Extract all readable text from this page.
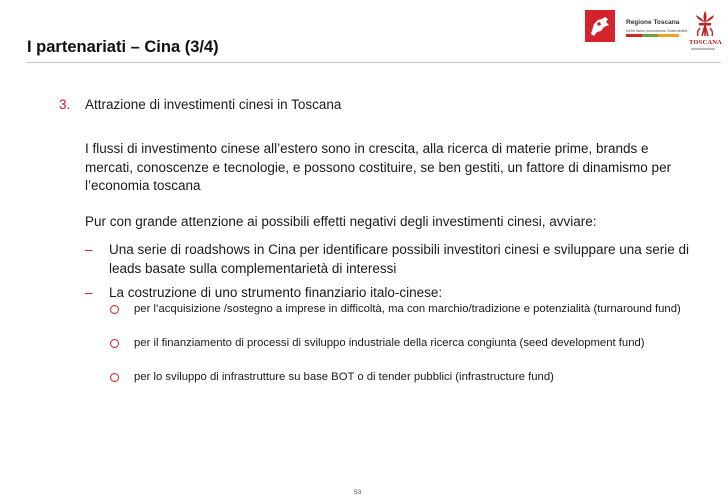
I partenariati – Cina (3/4)
Regione Toscana
Diritti Valori Innovazione Sostenibilità
TOSCANA
3. Attrazione di investimenti cinesi in Toscana
I flussi di investimento cinese all’estero sono in crescita, alla ricerca di materie prime, brands e mercati, conoscenze e tecnologie, e possono costituire, se ben gestiti, un fattore di dinamismo per l’economia toscana
Pur con grande attenzione ai possibili effetti negativi degli investimenti cinesi, avviare:
– Una serie di roadshows in Cina per identificare possibili investitori cinesi e sviluppare una serie di leads basate sulla complementarietà di interessi
– La costruzione di uno strumento finanziario italo-cinese:
per l’acquisizione /sostegno a imprese in difficoltà, ma con marchio/tradizione e potenzialità (turnaround fund)
per il finanziamento di processi di sviluppo industriale della ricerca congiunta (seed development fund)
per lo sviluppo di infrastrutture su base BOT o di tender pubblici (infrastructure fund)
53
